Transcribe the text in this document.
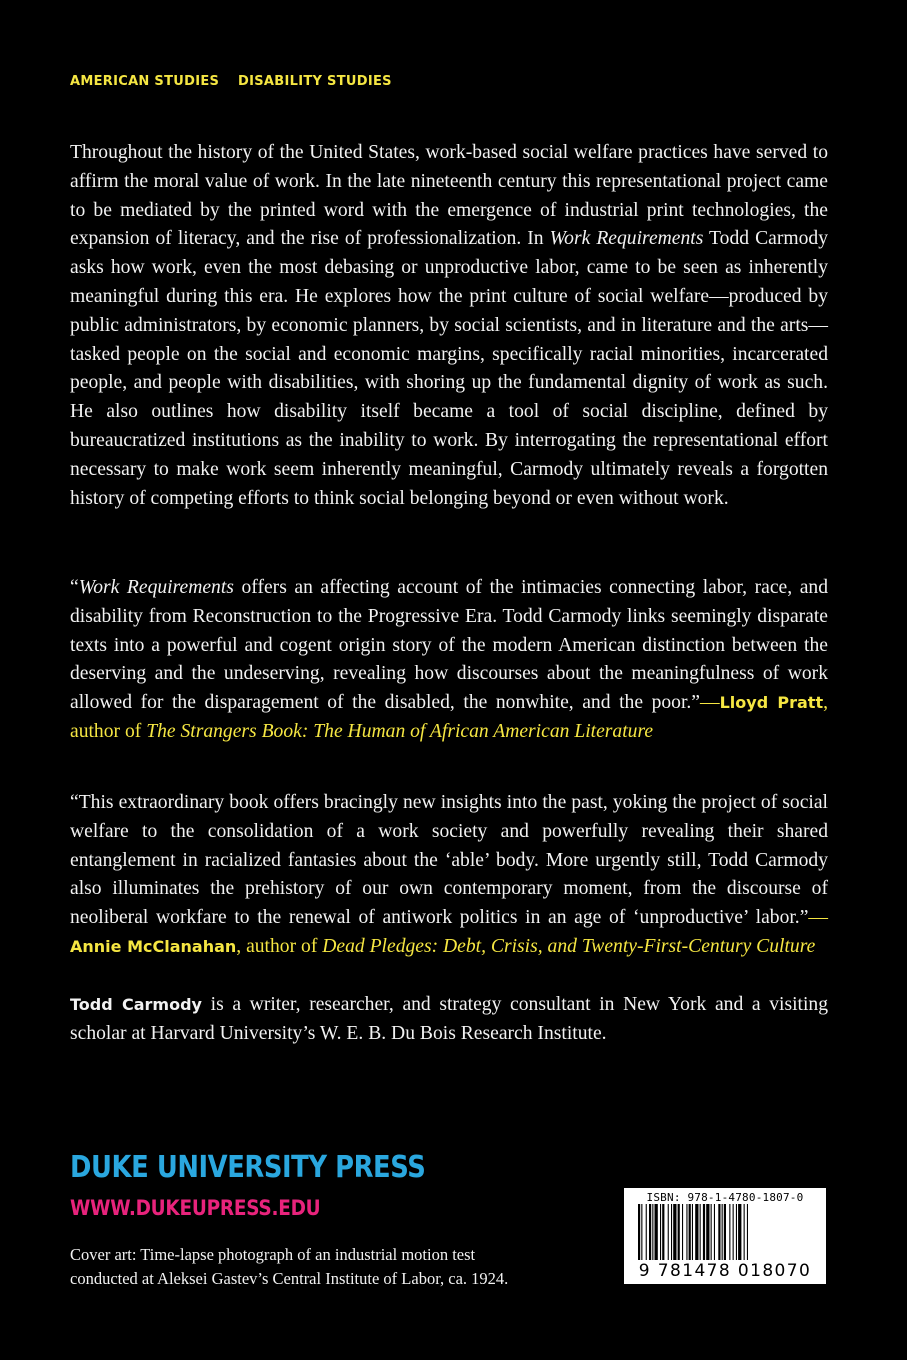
AMERICAN STUDIES DISABILITY STUDIES

Throughout the history of the United States, work-based social welfare practices have served to affirm the moral value of work. In the late nineteenth century this representational project came to be mediated by the printed word with the emergence of industrial print technologies, the expansion of literacy, and the rise of professionalization. In Work Requirements Todd Carmody asks how work, even the most debasing or unproductive labor, came to be seen as inherently meaningful during this era. He explores how the print culture of social welfare—produced by public administrators, by economic planners, by social scientists, and in literature and the arts—tasked people on the social and economic margins, specifically racial minorities, incarcerated people, and people with disabilities, with shoring up the fundamental dignity of work as such. He also outlines how disability itself became a tool of social discipline, defined by bureaucratized institutions as the inability to work. By interrogating the representational effort necessary to make work seem inherently meaningful, Carmody ultimately reveals a forgotten history of competing efforts to think social belonging beyond or even without work.

“Work Requirements offers an affecting account of the intimacies connecting labor, race, and disability from Reconstruction to the Progressive Era. Todd Carmody links seemingly disparate texts into a powerful and cogent origin story of the modern American distinction between the deserving and the undeserving, revealing how discourses about the meaningfulness of work allowed for the disparagement of the disabled, the nonwhite, and the poor.”—Lloyd Pratt, author of The Strangers Book: The Human of African American Literature

“This extraordinary book offers bracingly new insights into the past, yoking the project of social welfare to the consolidation of a work society and powerfully revealing their shared entanglement in racialized fantasies about the ‘able’ body. More urgently still, Todd Carmody also illuminates the prehistory of our own contemporary moment, from the discourse of neoliberal workfare to the renewal of antiwork politics in an age of ‘unproductive’ labor.”—Annie McClanahan, author of Dead Pledges: Debt, Crisis, and Twenty-First-Century Culture

Todd Carmody is a writer, researcher, and strategy consultant in New York and a visiting scholar at Harvard University’s W. E. B. Du Bois Research Institute.

DUKE UNIVERSITY PRESS
WWW.DUKEUPRESS.EDU
Cover art: Time-lapse photograph of an industrial motion test
conducted at Aleksei Gastev’s Central Institute of Labor, ca. 1924.
ISBN: 978-1-4780-1807-0
9 781478 018070
